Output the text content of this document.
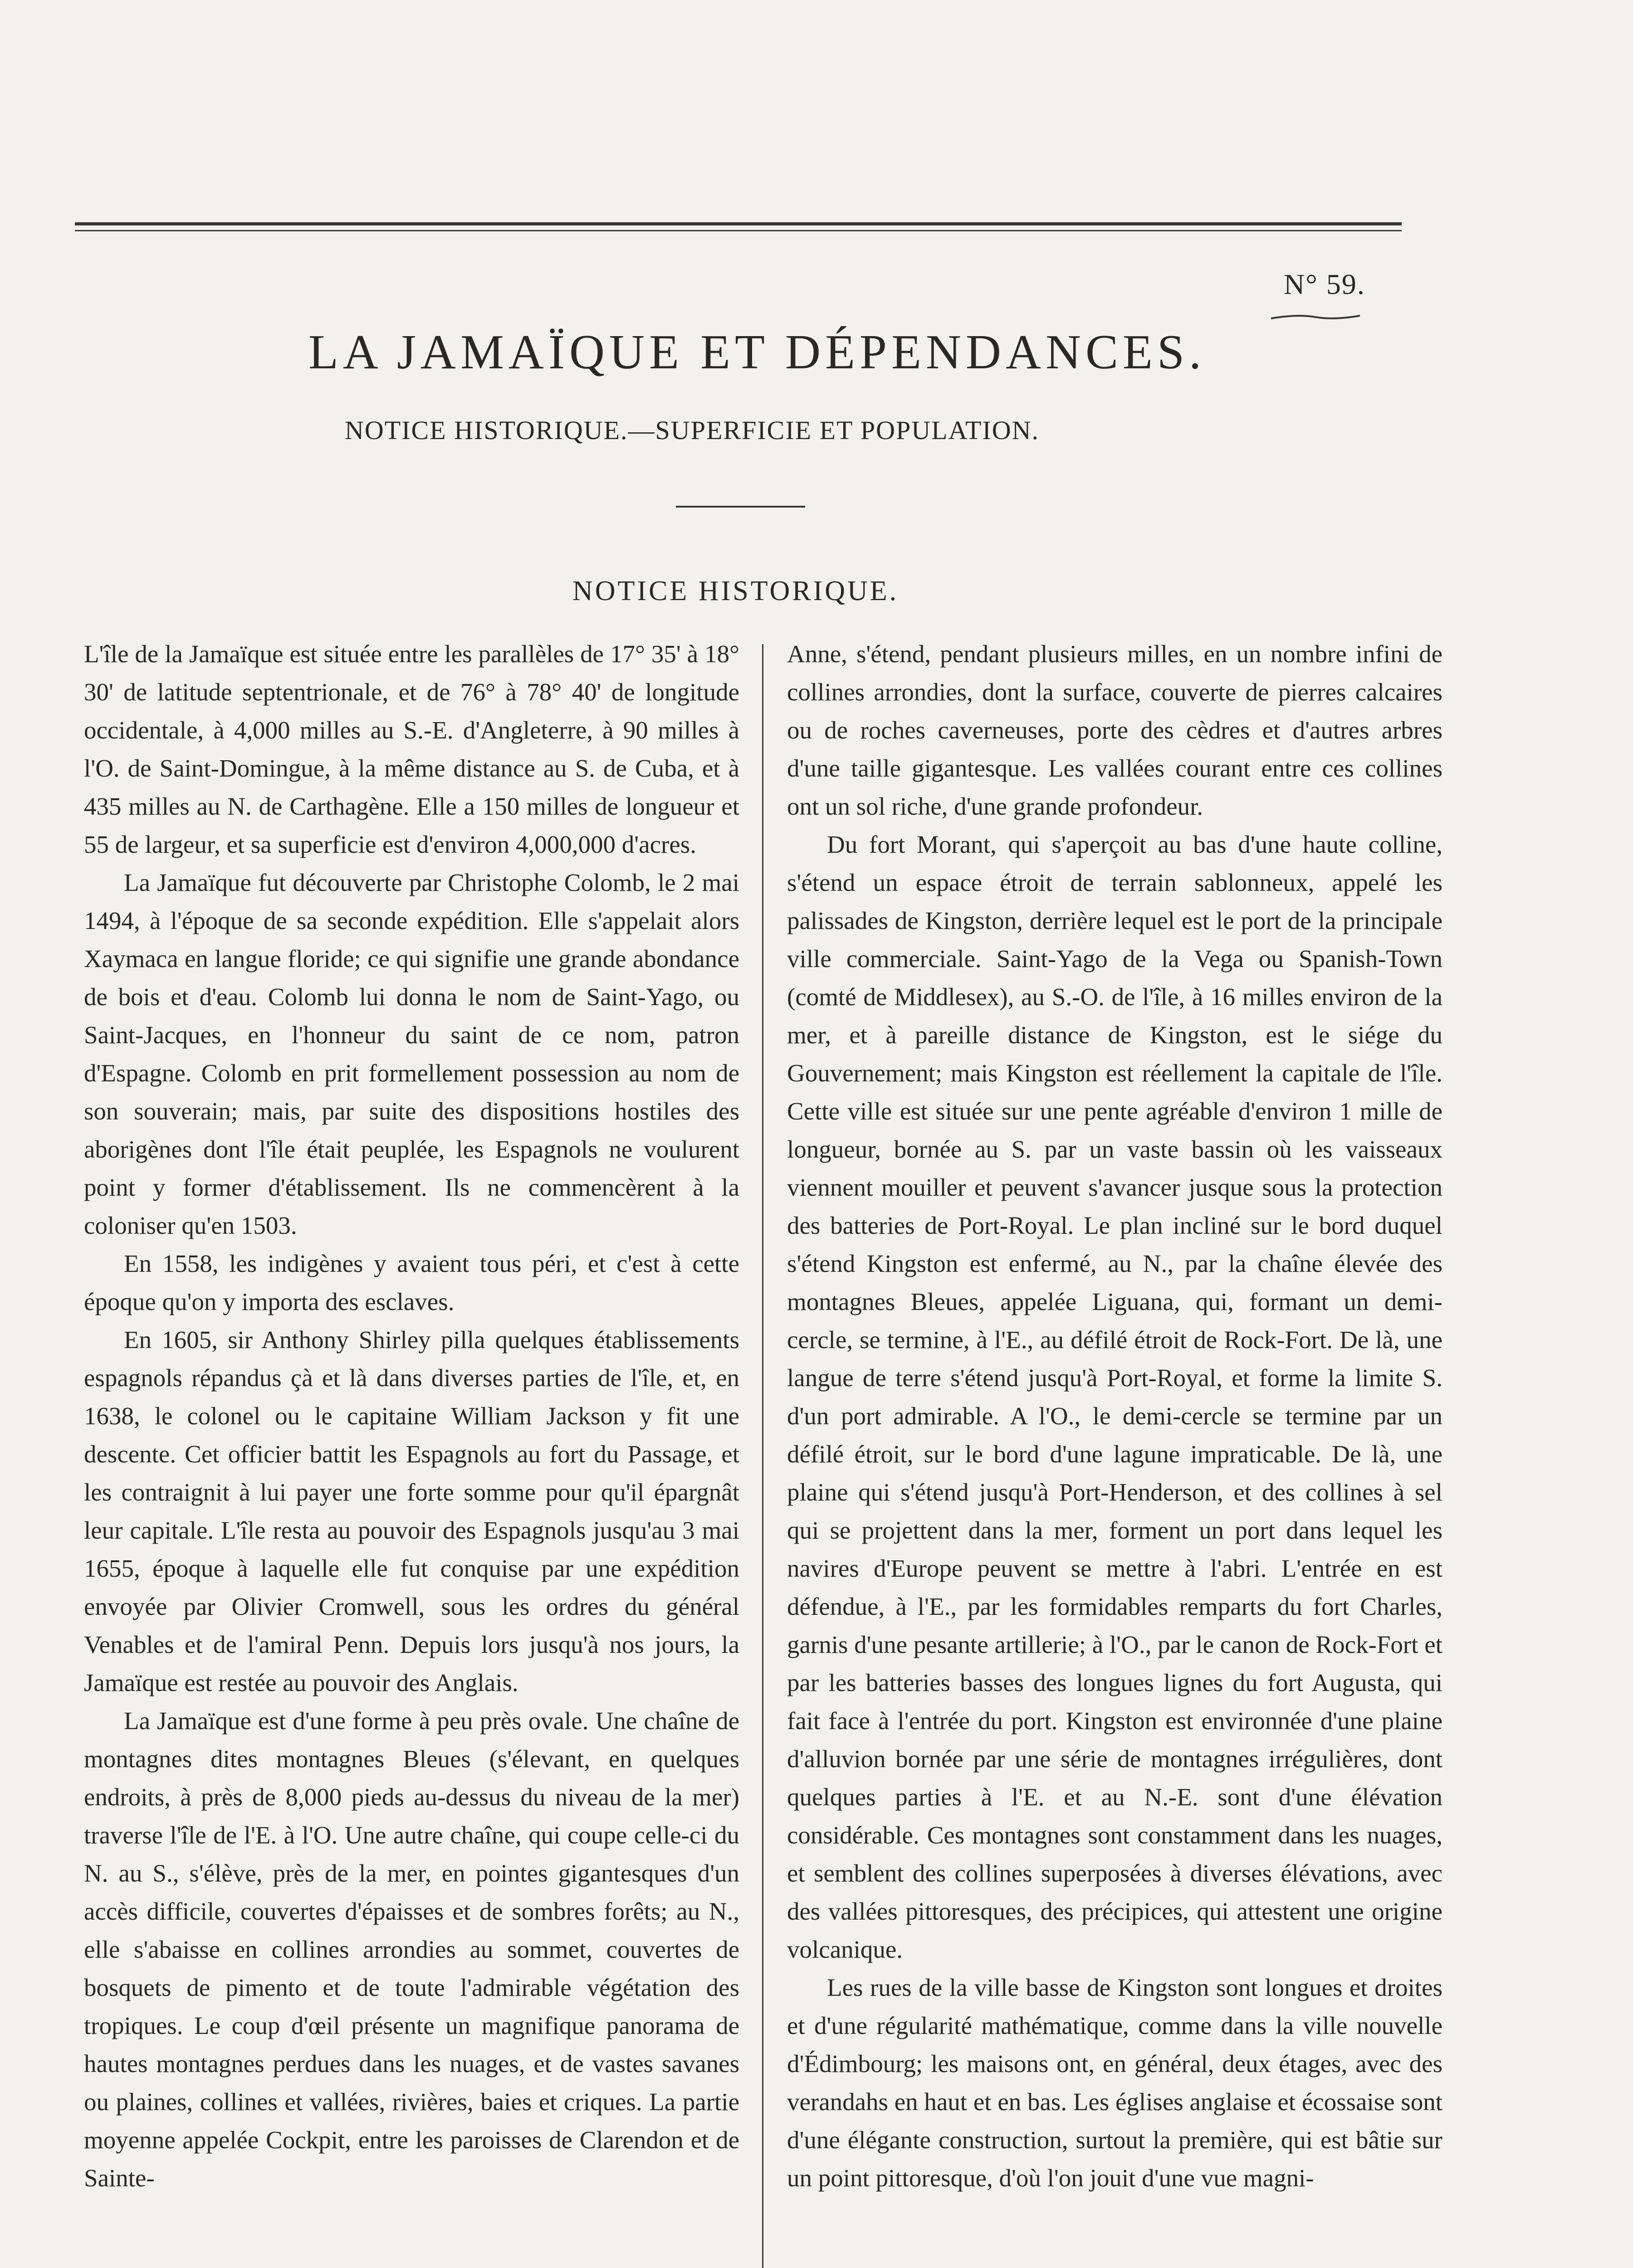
N° 59.
LA JAMAÏQUE ET DÉPENDANCES.
NOTICE HISTORIQUE.—SUPERFICIE ET POPULATION.
NOTICE HISTORIQUE.

L'île de la Jamaïque est située entre les parallèles de 17° 35' à 18° 30' de latitude septentrionale, et de 76° à 78° 40' de longitude occidentale, à 4,000 milles au S.-E. d'Angleterre, à 90 milles à l'O. de Saint-Domingue, à la même distance au S. de Cuba, et à 435 milles au N. de Carthagène. Elle a 150 milles de longueur et 55 de largeur, et sa superficie est d'environ 4,000,000 d'acres.

La Jamaïque fut découverte par Christophe Colomb, le 2 mai 1494, à l'époque de sa seconde expédition. Elle s'appelait alors Xaymaca en langue floride; ce qui signifie une grande abondance de bois et d'eau. Colomb lui donna le nom de Saint-Yago, ou Saint-Jacques, en l'honneur du saint de ce nom, patron d'Espagne. Colomb en prit formellement possession au nom de son souverain; mais, par suite des dispositions hostiles des aborigènes dont l'île était peuplée, les Espagnols ne voulurent point y former d'établissement. Ils ne commencèrent à la coloniser qu'en 1503.

En 1558, les indigènes y avaient tous péri, et c'est à cette époque qu'on y importa des esclaves.

En 1605, sir Anthony Shirley pilla quelques établissements espagnols répandus çà et là dans diverses parties de l'île, et, en 1638, le colonel ou le capitaine William Jackson y fit une descente. Cet officier battit les Espagnols au fort du Passage, et les contraignit à lui payer une forte somme pour qu'il épargnât leur capitale. L'île resta au pouvoir des Espagnols jusqu'au 3 mai 1655, époque à laquelle elle fut conquise par une expédition envoyée par Olivier Cromwell, sous les ordres du général Venables et de l'amiral Penn. Depuis lors jusqu'à nos jours, la Jamaïque est restée au pouvoir des Anglais.

La Jamaïque est d'une forme à peu près ovale. Une chaîne de montagnes dites montagnes Bleues (s'élevant, en quelques endroits, à près de 8,000 pieds au-dessus du niveau de la mer) traverse l'île de l'E. à l'O. Une autre chaîne, qui coupe celle-ci du N. au S., s'élève, près de la mer, en pointes gigantesques d'un accès difficile, couvertes d'épaisses et de sombres forêts; au N., elle s'abaisse en collines arrondies au sommet, couvertes de bosquets de pimento et de toute l'admirable végétation des tropiques. Le coup d'œil présente un magnifique panorama de hautes montagnes perdues dans les nuages, et de vastes savanes ou plaines, collines et vallées, rivières, baies et criques. La partie moyenne appelée Cockpit, entre les paroisses de Clarendon et de Sainte-

Anne, s'étend, pendant plusieurs milles, en un nombre infini de collines arrondies, dont la surface, couverte de pierres calcaires ou de roches caverneuses, porte des cèdres et d'autres arbres d'une taille gigantesque. Les vallées courant entre ces collines ont un sol riche, d'une grande profondeur.

Du fort Morant, qui s'aperçoit au bas d'une haute colline, s'étend un espace étroit de terrain sablonneux, appelé les palissades de Kingston, derrière lequel est le port de la principale ville commerciale. Saint-Yago de la Vega ou Spanish-Town (comté de Middlesex), au S.-O. de l'île, à 16 milles environ de la mer, et à pareille distance de Kingston, est le siége du Gouvernement; mais Kingston est réellement la capitale de l'île. Cette ville est située sur une pente agréable d'environ 1 mille de longueur, bornée au S. par un vaste bassin où les vaisseaux viennent mouiller et peuvent s'avancer jusque sous la protection des batteries de Port-Royal. Le plan incliné sur le bord duquel s'étend Kingston est enfermé, au N., par la chaîne élevée des montagnes Bleues, appelée Liguana, qui, formant un demi-cercle, se termine, à l'E., au défilé étroit de Rock-Fort. De là, une langue de terre s'étend jusqu'à Port-Royal, et forme la limite S. d'un port admirable. A l'O., le demi-cercle se termine par un défilé étroit, sur le bord d'une lagune impraticable. De là, une plaine qui s'étend jusqu'à Port-Henderson, et des collines à sel qui se projettent dans la mer, forment un port dans lequel les navires d'Europe peuvent se mettre à l'abri. L'entrée en est défendue, à l'E., par les formidables remparts du fort Charles, garnis d'une pesante artillerie; à l'O., par le canon de Rock-Fort et par les batteries basses des longues lignes du fort Augusta, qui fait face à l'entrée du port. Kingston est environnée d'une plaine d'alluvion bornée par une série de montagnes irrégulières, dont quelques parties à l'E. et au N.-E. sont d'une élévation considérable. Ces montagnes sont constamment dans les nuages, et semblent des collines superposées à diverses élévations, avec des vallées pittoresques, des précipices, qui attestent une origine volcanique.

Les rues de la ville basse de Kingston sont longues et droites et d'une régularité mathématique, comme dans la ville nouvelle d'Édimbourg; les maisons ont, en général, deux étages, avec des verandahs en haut et en bas. Les églises anglaise et écossaise sont d'une élégante construction, surtout la première, qui est bâtie sur un point pittoresque, d'où l'on jouit d'une vue magni-
